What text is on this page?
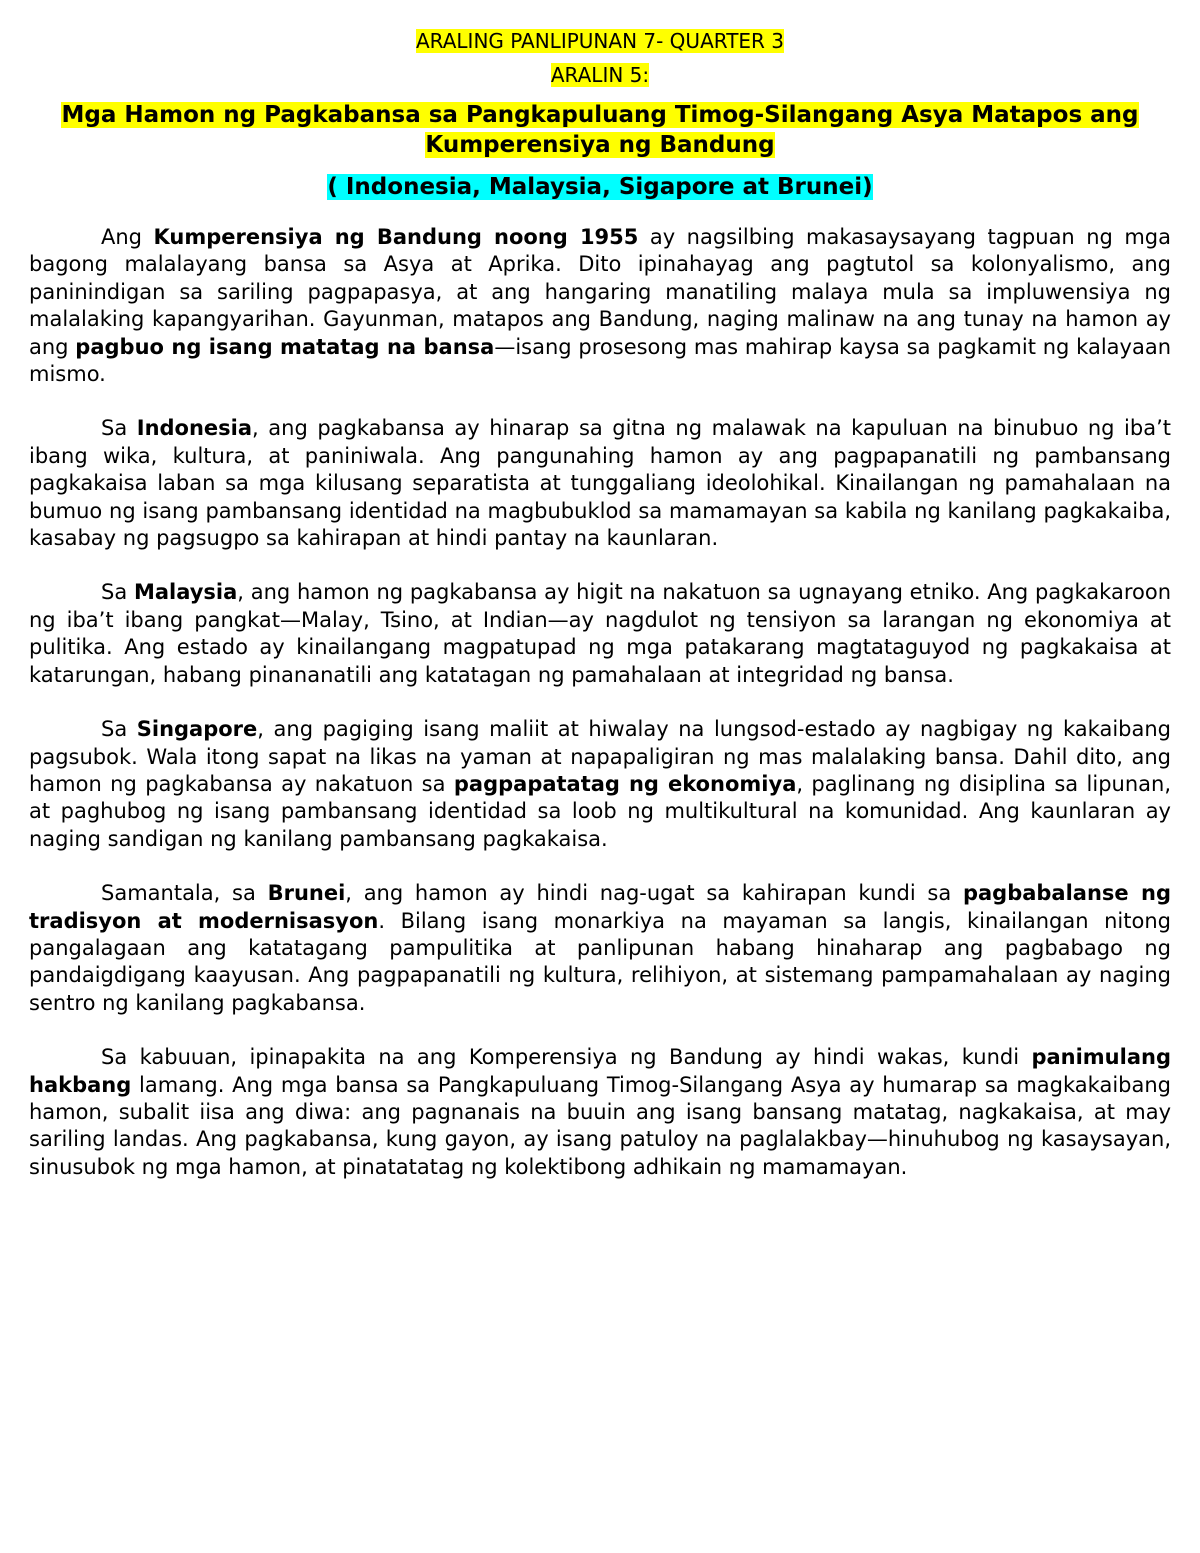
ARALING PANLIPUNAN 7- QUARTER 3
ARALIN 5:
Mga Hamon ng Pagkabansa sa Pangkapuluang Timog-Silangang Asya Matapos ang Kumperensiya ng Bandung
( Indonesia, Malaysia, Sigapore at Brunei)

Ang Kumperensiya ng Bandung noong 1955 ay nagsilbing makasaysayang tagpuan ng mga bagong malalayang bansa sa Asya at Aprika. Dito ipinahayag ang pagtutol sa kolonyalismo, ang paninindigan sa sariling pagpapasya, at ang hangaring manatiling malaya mula sa impluwensiya ng malalaking kapangyarihan. Gayunman, matapos ang Bandung, naging malinaw na ang tunay na hamon ay ang pagbuo ng isang matatag na bansa—isang prosesong mas mahirap kaysa sa pagkamit ng kalayaan mismo.

Sa Indonesia, ang pagkabansa ay hinarap sa gitna ng malawak na kapuluan na binubuo ng iba’t ibang wika, kultura, at paniniwala. Ang pangunahing hamon ay ang pagpapanatili ng pambansang pagkakaisa laban sa mga kilusang separatista at tunggaliang ideolohikal. Kinailangan ng pamahalaan na bumuo ng isang pambansang identidad na magbubuklod sa mamamayan sa kabila ng kanilang pagkakaiba, kasabay ng pagsugpo sa kahirapan at hindi pantay na kaunlaran.

Sa Malaysia, ang hamon ng pagkabansa ay higit na nakatuon sa ugnayang etniko. Ang pagkakaroon ng iba’t ibang pangkat—Malay, Tsino, at Indian—ay nagdulot ng tensiyon sa larangan ng ekonomiya at pulitika. Ang estado ay kinailangang magpatupad ng mga patakarang magtataguyod ng pagkakaisa at katarungan, habang pinananatili ang katatagan ng pamahalaan at integridad ng bansa.

Sa Singapore, ang pagiging isang maliit at hiwalay na lungsod-estado ay nagbigay ng kakaibang pagsubok. Wala itong sapat na likas na yaman at napapaligiran ng mas malalaking bansa. Dahil dito, ang hamon ng pagkabansa ay nakatuon sa pagpapatatag ng ekonomiya, paglinang ng disiplina sa lipunan, at paghubog ng isang pambansang identidad sa loob ng multikultural na komunidad. Ang kaunlaran ay naging sandigan ng kanilang pambansang pagkakaisa.

Samantala, sa Brunei, ang hamon ay hindi nag-ugat sa kahirapan kundi sa pagbabalanse ng tradisyon at modernisasyon. Bilang isang monarkiya na mayaman sa langis, kinailangan nitong pangalagaan ang katatagang pampulitika at panlipunan habang hinaharap ang pagbabago ng pandaigdigang kaayusan. Ang pagpapanatili ng kultura, relihiyon, at sistemang pampamahalaan ay naging sentro ng kanilang pagkabansa.

Sa kabuuan, ipinapakita na ang Komperensiya ng Bandung ay hindi wakas, kundi panimulang hakbang lamang. Ang mga bansa sa Pangkapuluang Timog-Silangang Asya ay humarap sa magkakaibang hamon, subalit iisa ang diwa: ang pagnanais na buuin ang isang bansang matatag, nagkakaisa, at may sariling landas. Ang pagkabansa, kung gayon, ay isang patuloy na paglalakbay—hinuhubog ng kasaysayan, sinusubok ng mga hamon, at pinatatatag ng kolektibong adhikain ng mamamayan.
